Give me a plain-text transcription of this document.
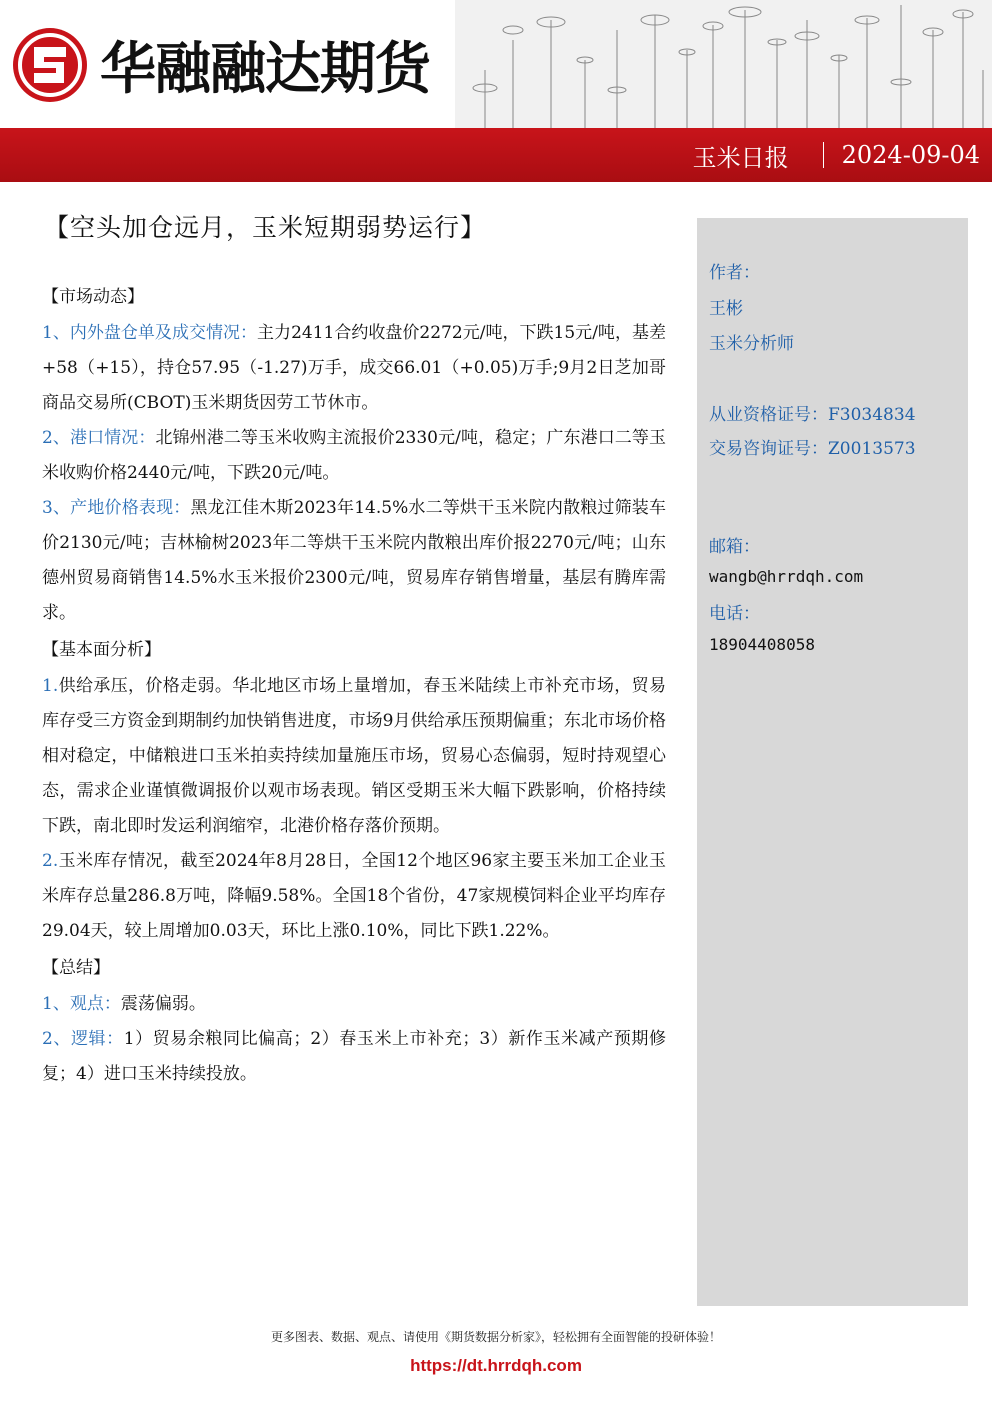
华融融达期货
玉米日报 2024-09-04
【空头加仓远月，玉米短期弱势运行】
【市场动态】
1、内外盘仓单及成交情况：主力2411合约收盘价2272元/吨，下跌15元/吨，基差+58（+15），持仓57.95（-1.27)万手，成交66.01（+0.05)万手;9月2日芝加哥商品交易所(CBOT)玉米期货因劳工节休市。
2、港口情况：北锦州港二等玉米收购主流报价2330元/吨，稳定；广东港口二等玉米收购价格2440元/吨，下跌20元/吨。
3、产地价格表现：黑龙江佳木斯2023年14.5%水二等烘干玉米院内散粮过筛装车价2130元/吨；吉林榆树2023年二等烘干玉米院内散粮出库价报2270元/吨；山东德州贸易商销售14.5%水玉米报价2300元/吨，贸易库存销售增量，基层有腾库需求。
【基本面分析】
1.供给承压，价格走弱。华北地区市场上量增加，春玉米陆续上市补充市场，贸易库存受三方资金到期制约加快销售进度，市场9月供给承压预期偏重；东北市场价格相对稳定，中储粮进口玉米拍卖持续加量施压市场，贸易心态偏弱，短时持观望心态，需求企业谨慎微调报价以观市场表现。销区受期玉米大幅下跌影响，价格持续下跌，南北即时发运利润缩窄，北港价格存落价预期。
2.玉米库存情况，截至2024年8月28日，全国12个地区96家主要玉米加工企业玉米库存总量286.8万吨，降幅9.58%。全国18个省份，47家规模饲料企业平均库存29.04天，较上周增加0.03天，环比上涨0.10%，同比下跌1.22%。
【总结】
1、观点：震荡偏弱。
2、逻辑：1）贸易余粮同比偏高；2）春玉米上市补充；3）新作玉米减产预期修复；4）进口玉米持续投放。
作者：
王彬
玉米分析师
从业资格证号：F3034834
交易咨询证号：Z0013573
邮箱：
wangb@hrrdqh.com
电话：
18904408058
更多图表、数据、观点、请使用《期货数据分析家》，轻松拥有全面智能的投研体验！
https://dt.hrrdqh.com
